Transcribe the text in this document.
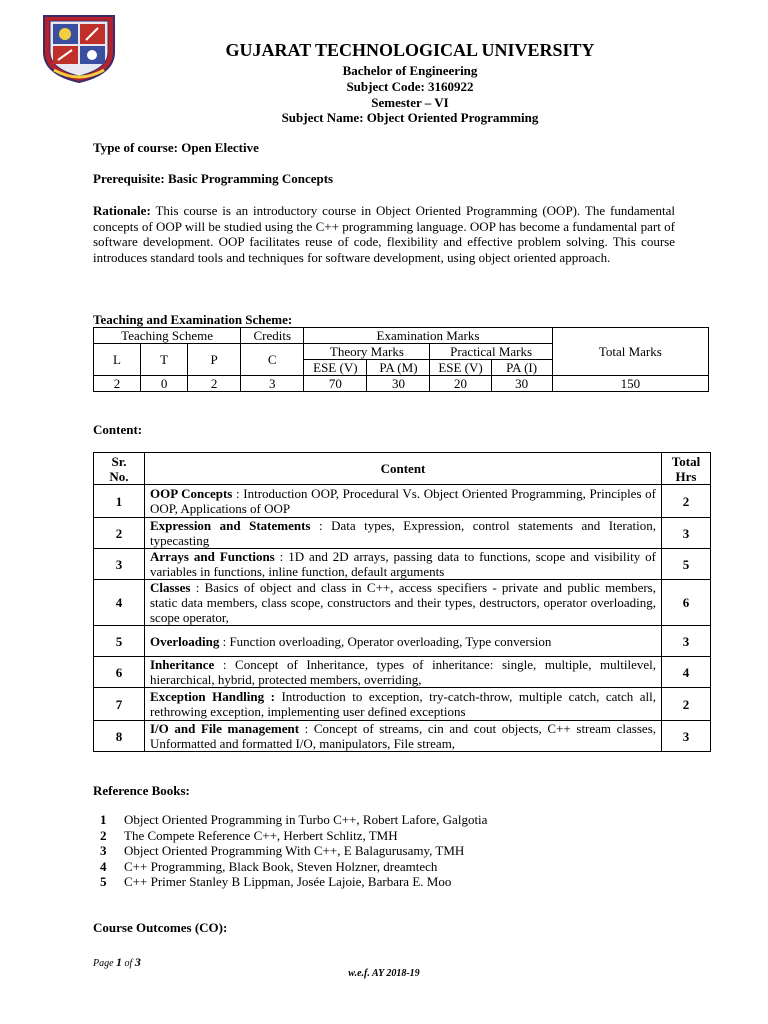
GUJARAT TECHNOLOGICAL UNIVERSITY
Bachelor of Engineering
Subject Code: 3160922
Semester – VI
Subject Name: Object Oriented Programming
Type of course: Open Elective
Prerequisite: Basic Programming Concepts

Rationale: This course is an introductory course in Object Oriented Programming (OOP). The fundamental concepts of OOP will be studied using the C++ programming language. OOP has become a fundamental part of software development. OOP facilitates reuse of code, flexibility and effective problem solving. This course introduces standard tools and techniques for software development, using object oriented approach.

Teaching and Examination Scheme:
Teaching Scheme			Credits	Examination Marks				Total Marks
L	T	P	C	Theory Marks		Practical Marks		
				ESE (V)	PA (M)	ESE (V)	PA (I)	
2	0	2	3	70	30	20	30	150
Content:
Sr.
No.	Content	Total
Hrs
1	OOP Concepts : Introduction OOP, Procedural Vs. Object Oriented Programming, Principles of OOP, Applications of OOP	2
2	Expression and Statements : Data types, Expression, control statements and Iteration, typecasting	3
3	Arrays and Functions : 1D and 2D arrays, passing data to functions, scope and visibility of variables in functions, inline function, default arguments	5
4	Classes : Basics of object and class in C++, access specifiers - private and public members, static data members, class scope, constructors and their types, destructors, operator overloading, scope operator,	6
5	Overloading : Function overloading, Operator overloading, Type conversion	3
6	Inheritance : Concept of Inheritance, types of inheritance: single, multiple, multilevel, hierarchical, hybrid, protected members, overriding,	4
7	Exception Handling : Introduction to exception, try-catch-throw, multiple catch, catch all, rethrowing exception, implementing user defined exceptions	2
8	I/O and File management : Concept of streams, cin and cout objects, C++ stream classes, Unformatted and formatted I/O, manipulators, File stream,	3
Reference Books:
1 Object Oriented Programming in Turbo C++, Robert Lafore, Galgotia
2 The Compete Reference C++, Herbert Schlitz, TMH
3 Object Oriented Programming With C++, E Balagurusamy, TMH
4 C++ Programming, Black Book, Steven Holzner, dreamtech
5 C++ Primer Stanley B Lippman, Josée Lajoie, Barbara E. Moo
Course Outcomes (CO):
Page 1 of 3
w.e.f. AY 2018-19
